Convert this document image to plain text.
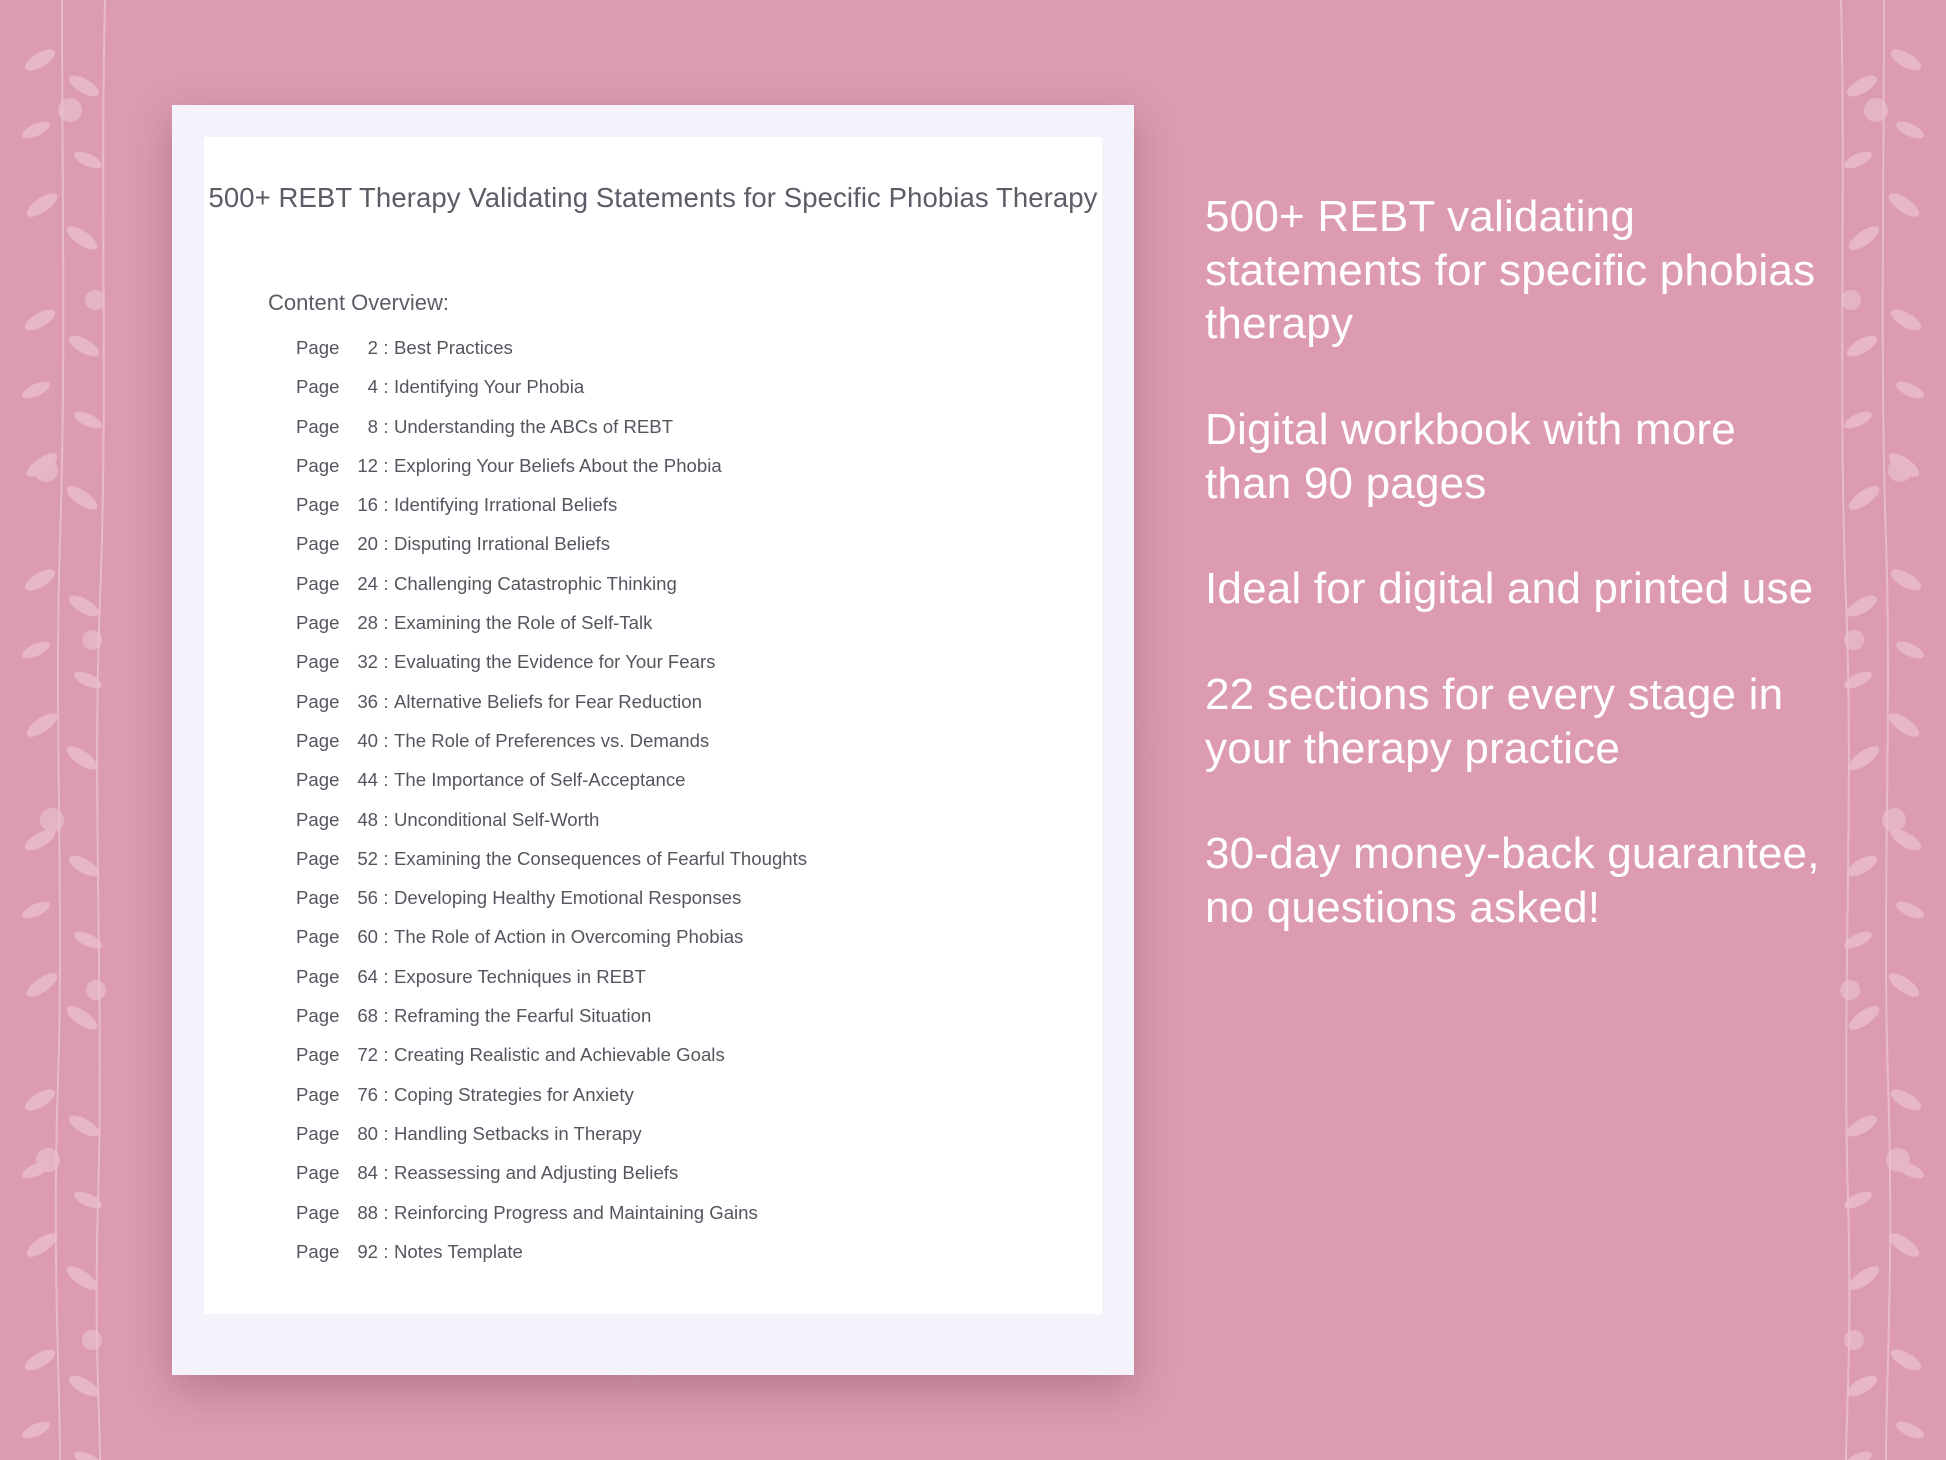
500+ REBT Therapy Validating Statements for Specific Phobias Therapy
Content Overview:
Page	2 : Best Practices
Page	4 : Identifying Your Phobia
Page	8 : Understanding the ABCs of REBT
Page 12 : Exploring Your Beliefs About the Phobia
Page 16 : Identifying Irrational Beliefs
Page 20 : Disputing Irrational Beliefs
Page 24 : Challenging Catastrophic Thinking
Page 28 : Examining the Role of Self-Talk
Page 32 : Evaluating the Evidence for Your Fears
Page 36 : Alternative Beliefs for Fear Reduction
Page 40 : The Role of Preferences vs. Demands
Page 44 : The Importance of Self-Acceptance
Page 48 : Unconditional Self-Worth
Page 52 : Examining the Consequences of Fearful Thoughts
Page 56 : Developing Healthy Emotional Responses
Page 60 : The Role of Action in Overcoming Phobias
Page 64 : Exposure Techniques in REBT
Page 68 : Reframing the Fearful Situation
Page 72 : Creating Realistic and Achievable Goals
Page 76 : Coping Strategies for Anxiety
Page 80 : Handling Setbacks in Therapy
Page 84 : Reassessing and Adjusting Beliefs
Page 88 : Reinforcing Progress and Maintaining Gains
Page 92 : Notes Template
500+ REBT validating statements for specific phobias therapy
Digital workbook with more than 90 pages
Ideal for digital and printed use
22 sections for every stage in your therapy practice
30-day money-back guarantee, no questions asked!
